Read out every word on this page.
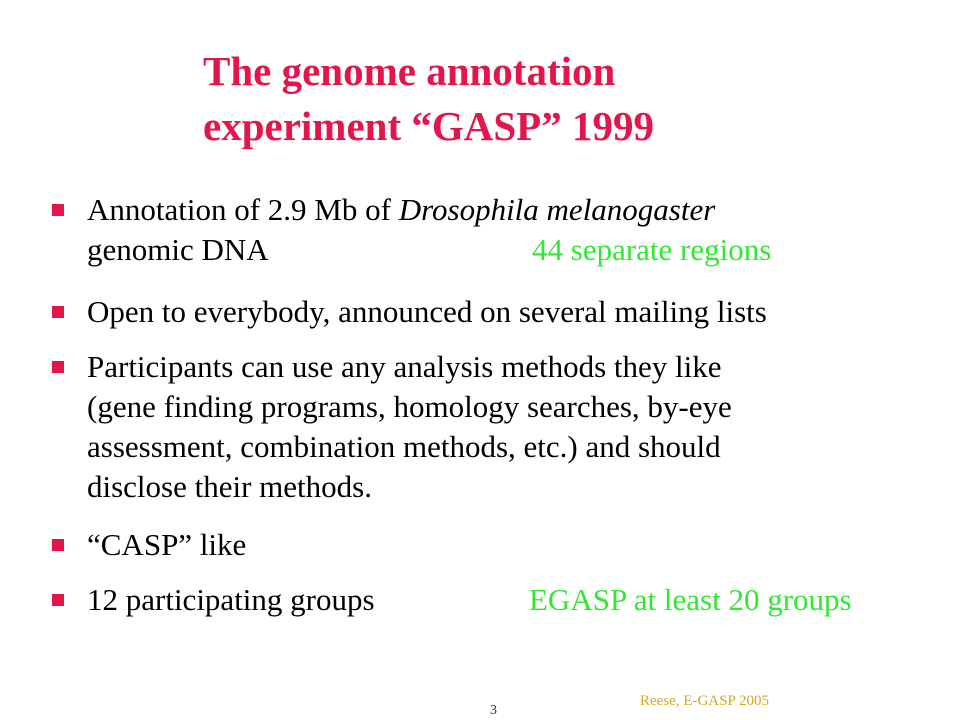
The genome annotation
experiment “GASP” 1999
Annotation of 2.9 Mb of Drosophila melanogaster
genomic DNA	44 separate regions
Open to everybody, announced on several mailing lists
Participants can use any analysis methods they like
(gene finding programs, homology searches, by-eye
assessment, combination methods, etc.) and should
disclose their methods.
“CASP” like
12 participating groups	EGASP at least 20 groups
3
Reese, E-GASP 2005
